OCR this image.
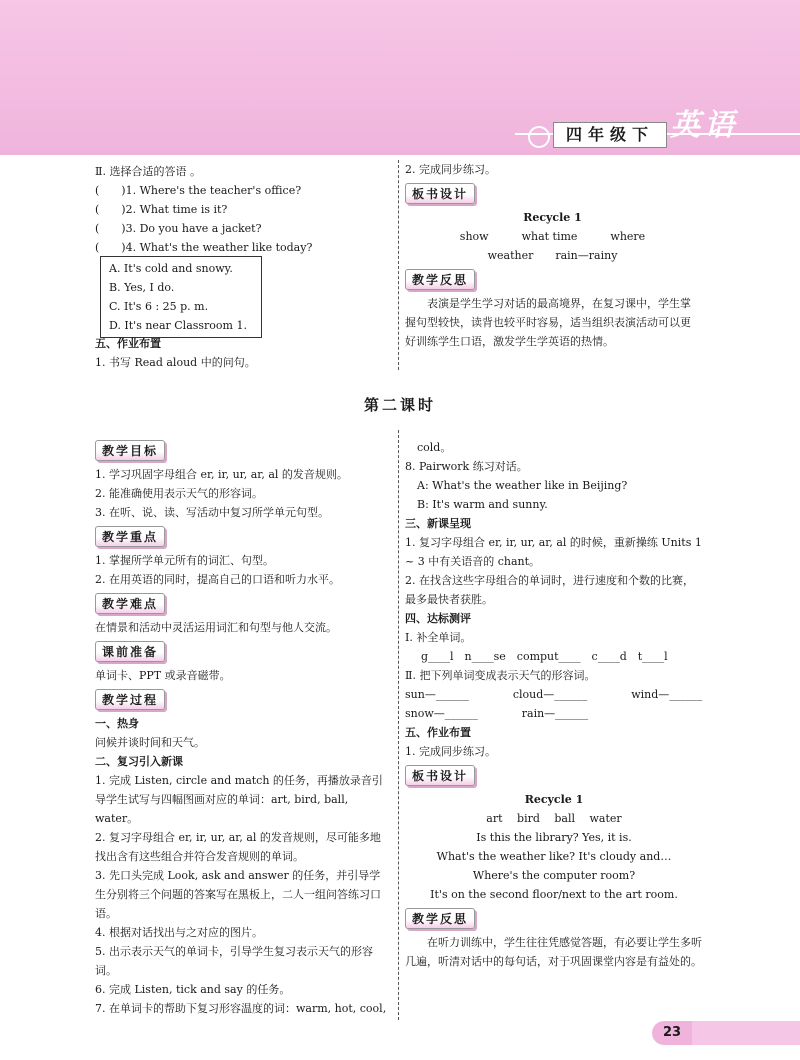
四年级下 英语
Ⅱ. 选择合适的答语 。
(　　)1. Where's the teacher's office?
(　　)2. What time is it?
(　　)3. Do you have a jacket?
(　　)4. What's the weather like today?
A. It's cold and snowy.
B. Yes, I do.
C. It's 6 : 25 p. m.
D. It's near Classroom 1.
五、作业布置
1. 书写 Read aloud 中的问句。
2. 完成同步练习。
板书设计
Recycle 1
show　　　what time　　　where
weather　　rain—rainy
教学反思
表演是学生学习对话的最高境界，在复习课中，学生掌握句型较快，读背也较平时容易，适当组织表演活动可以更好训练学生口语，激发学生学英语的热情。
第二课时
教学目标
1. 学习巩固字母组合 er, ir, ur, ar, al 的发音规则。
2. 能准确使用表示天气的形容词。
3. 在听、说、读、写活动中复习所学单元句型。
教学重点
1. 掌握所学单元所有的词汇、句型。
2. 在用英语的同时，提高自己的口语和听力水平。
教学难点
在情景和活动中灵活运用词汇和句型与他人交流。
课前准备
单词卡、PPT 或录音磁带。
教学过程
一、热身
问候并谈时间和天气。
二、复习引入新课
1. 完成 Listen, circle and match 的任务，再播放录音引导学生试写与四幅图画对应的单词：art, bird, ball, water。
2. 复习字母组合 er, ir, ur, ar, al 的发音规则，尽可能多地找出含有这些组合并符合发音规则的单词。
3. 先口头完成 Look, ask and answer 的任务，并引导学生分别将三个问题的答案写在黑板上，二人一组问答练习口语。
4. 根据对话找出与之对应的图片。
5. 出示表示天气的单词卡，引导学生复习表示天气的形容词。
6. 完成 Listen, tick and say 的任务。
7. 在单词卡的帮助下复习形容温度的词：warm, hot, cool,
cold。
8. Pairwork 练习对话。
A: What's the weather like in Beijing?
B: It's warm and sunny.
三、新课呈现
1. 复习字母组合 er, ir, ur, ar, al 的时候，重新操练 Units 1 ~ 3 中有关语音的 chant。
2. 在找含这些字母组合的单词时，进行速度和个数的比赛，最多最快者获胜。
四、达标测评
Ⅰ. 补全单词。
g____l　n____se　comput____　c____d　t____l
Ⅱ. 把下列单词变成表示天气的形容词。
sun—______　　　　cloud—______　　　　wind—______
snow—______　　　　rain—______
五、作业布置
1. 完成同步练习。
板书设计
Recycle 1
art　 bird　 ball　 water
Is this the library? Yes, it is.
What's the weather like? It's cloudy and…
Where's the computer room?
It's on the second floor/next to the art room.
教学反思
在听力训练中，学生往往凭感觉答题，有必要让学生多听几遍，听清对话中的每句话，对于巩固课堂内容是有益处的。
23
